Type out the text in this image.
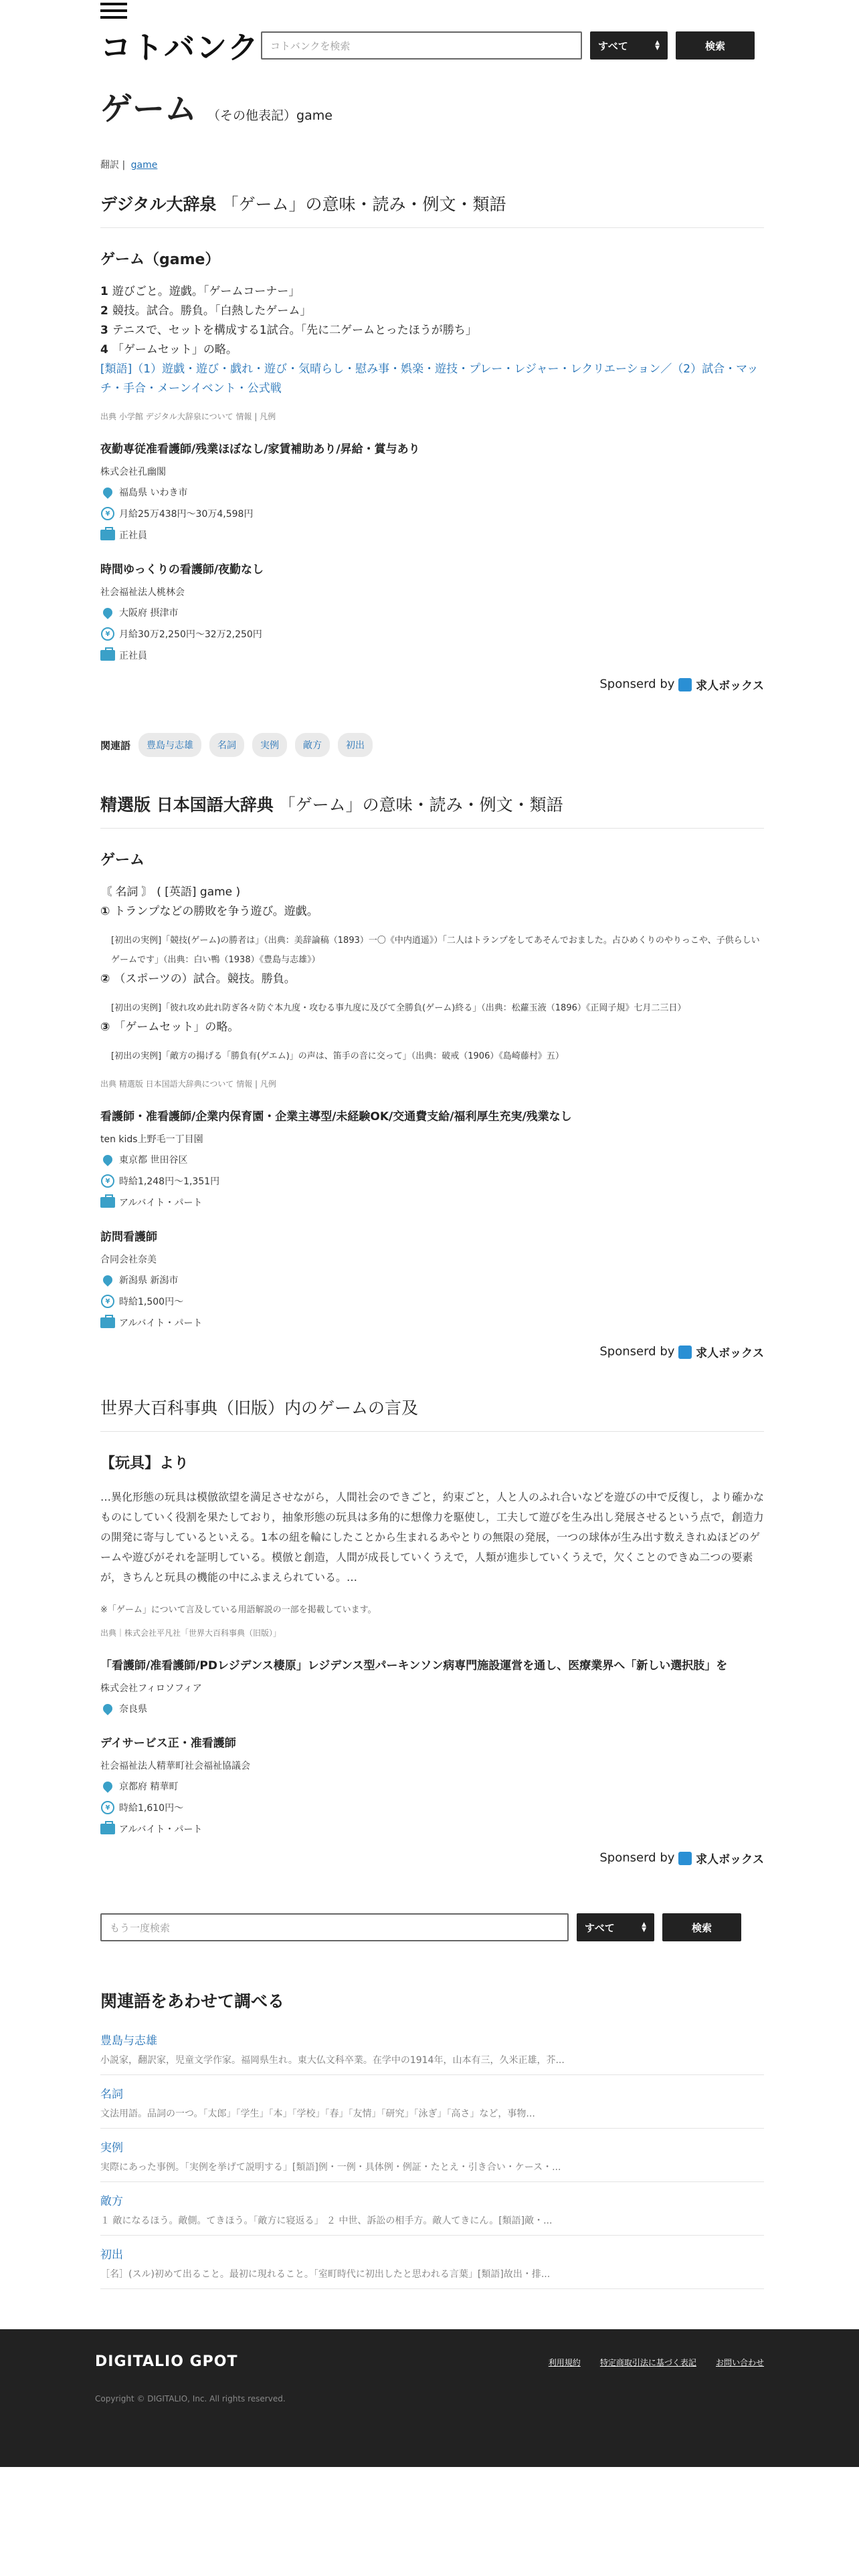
コトバンク	コトバンクを検索	すべて	▲
▼	検索
ゲーム （その他表記）game
翻訳 | game
デジタル大辞泉 「ゲーム」の意味・読み・例文・類語
ゲーム（game）
1 遊びごと。遊戯。「ゲームコーナー」
2 競技。試合。勝負。「白熱したゲーム」
3 テニスで、セットを構成する1試合。「先に二ゲームとったほうが勝ち」
4 「ゲームセット」の略。
[類語]（1）遊戯・遊び・戯れ・遊び・気晴らし・慰み事・娯楽・遊技・プレー・レジャー・レクリエーション／（2）試合・マッチ・手合・メーンイベント・公式戦
出典 小学館 デジタル大辞泉について 情報 | 凡例
夜勤専従准看護師/残業ほぼなし/家賃補助あり/昇給・賞与あり
株式会社孔幽閣
福島県 いわき市
¥ 月給25万438円〜30万4,598円
正社員
時間ゆっくりの看護師/夜勤なし
社会福祉法人桃林会
大阪府 摂津市
¥ 月給30万2,250円〜32万2,250円
正社員
Sponserd by 求人ボックス
関連語	豊島与志雄	名詞	実例	敵方	初出
精選版 日本国語大辞典 「ゲーム」の意味・読み・例文・類語
ゲーム
〘 名詞 〙 ( [英語] game )
① トランプなどの勝敗を争う遊び。遊戯。
[初出の実例]「競技(ゲーム)の勝者は」（出典：美辞論稿（1893）一〇《中内逍遥》）「二人はトランプをしてあそんでおました。占ひめくりのやりっこや、子供らしいゲームです」（出典：白い鴨（1938）《豊島与志雄》）
② （スポーツの）試合。競技。勝負。
[初出の実例]「彼れ攻め此れ防ぎ各々防ぐ本九度・攻むる事九度に及びて全勝負(ゲーム)終る」（出典：松蘿玉液（1896）《正岡子規》七月二三日）
③ 「ゲームセット」の略。
[初出の実例]「敵方の揚げる「勝負有(ゲエム)」の声は、笛手の音に交って」（出典：破戒（1906）《島崎藤村》五）
出典 精選版 日本国語大辞典について 情報 | 凡例
看護師・准看護師/企業内保育園・企業主導型/未経験OK/交通費支給/福利厚生充実/残業なし
ten kids上野毛一丁目園
東京都 世田谷区
¥ 時給1,248円〜1,351円
アルバイト・パート
訪問看護師
合同会社奈美
新潟県 新潟市
¥ 時給1,500円〜
アルバイト・パート
Sponserd by 求人ボックス
世界大百科事典（旧版）内のゲームの言及
【玩具】より
…異化形態の玩具は模倣欲望を満足させながら，人間社会のできごと，約束ごと，人と人のふれ合いなどを遊びの中で反復し，より確かなものにしていく役割を果たしており，抽象形態の玩具は多角的に想像力を駆使し，工夫して遊びを生み出し発展させるという点で，創造力の開発に寄与しているといえる。1本の紐を輪にしたことから生まれるあやとりの無限の発展，一つの球体が生み出す数えきれぬほどのゲームや遊びがそれを証明している。模倣と創造，人間が成長していくうえで，人類が進歩していくうえで，欠くことのできぬ二つの要素が，きちんと玩具の機能の中にふまえられている。…
※「ゲーム」について言及している用語解説の一部を掲載しています。
出典｜株式会社平凡社「世界大百科事典（旧版）」
「看護師/准看護師/PDレジデンス棲原」レジデンス型パーキンソン病専門施設運営を通し、医療業界へ「新しい選択肢」を
株式会社フィロソフィア
奈良県
デイサービス正・准看護師
社会福祉法人精華町社会福祉協議会
京都府 精華町
¥ 時給1,610円〜
アルバイト・パート
Sponserd by 求人ボックス
もう一度検索	すべて	▲
▼	検索
関連語をあわせて調べる
豊島与志雄
小説家，翻訳家，児童文学作家。福岡県生れ。東大仏文科卒業。在学中の1914年，山本有三，久米正雄，芥...
名詞
文法用語。品詞の一つ。「太郎」「学生」「本」「学校」「春」「友情」「研究」「泳ぎ」「高さ」など，事物...
実例
実際にあった事例。「実例を挙げて説明する」[類語]例・一例・具体例・例証・たとえ・引き合い・ケース・...
敵方
１ 敵になるほう。敵側。てきほう。「敵方に寝返る」 ２ 中世、訴訟の相手方。敵人てきにん。[類語]敵・...
初出
［名］(スル)初めて出ること。最初に現れること。「室町時代に初出したと思われる言葉」[類語]故出・排...
DIGITALIO GPOT	利用規約 特定商取引法に基づく表記 お問い合わせ
Copyright © DIGITALIO, Inc. All rights reserved.
